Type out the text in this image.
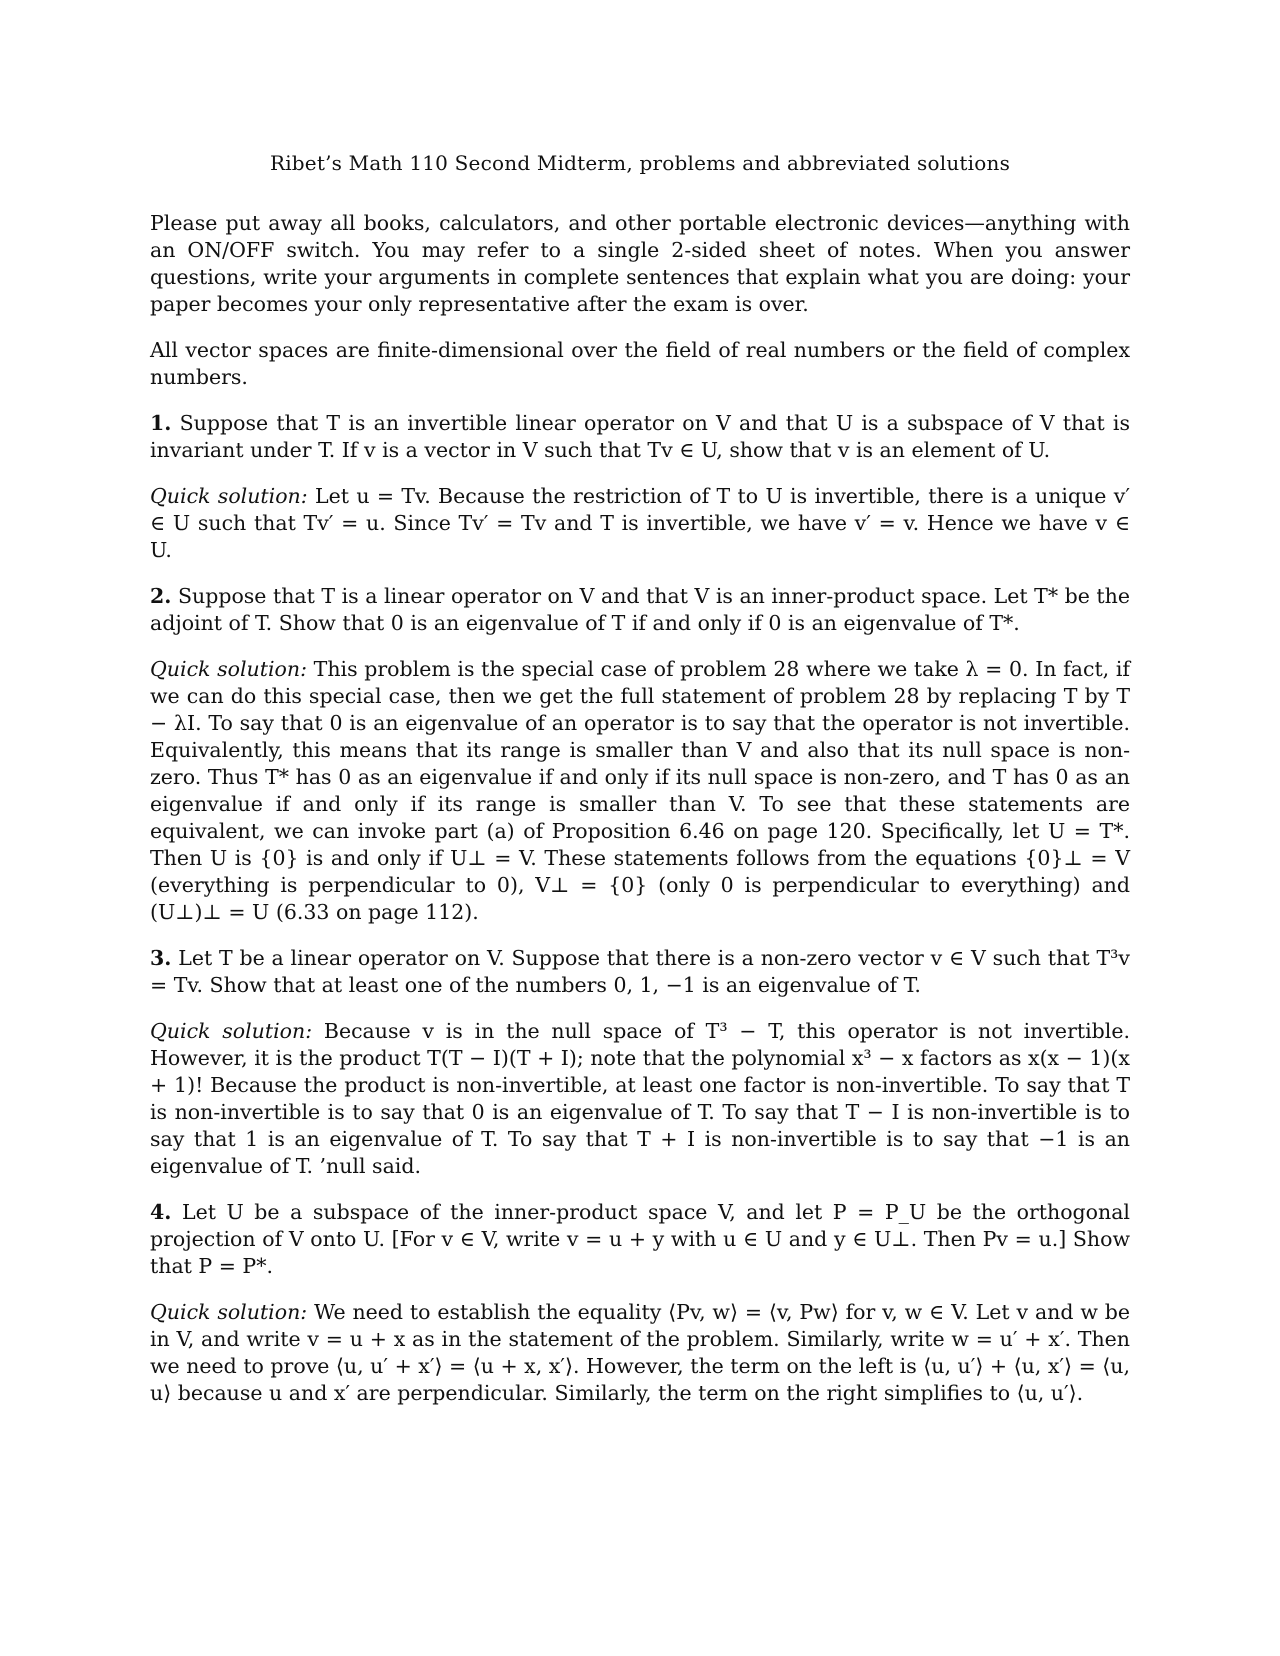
Ribet’s Math 110 Second Midterm, problems and abbreviated solutions

Please put away all books, calculators, and other portable electronic devices—anything with an ON/OFF switch. You may refer to a single 2-sided sheet of notes. When you answer questions, write your arguments in complete sentences that explain what you are doing: your paper becomes your only representative after the exam is over.

All vector spaces are finite-dimensional over the field of real numbers or the field of complex numbers.

1. Suppose that T is an invertible linear operator on V and that U is a subspace of V that is invariant under T. If v is a vector in V such that Tv ∈ U, show that v is an element of U.

Quick solution: Let u = Tv. Because the restriction of T to U is invertible, there is a unique v′ ∈ U such that Tv′ = u. Since Tv′ = Tv and T is invertible, we have v′ = v. Hence we have v ∈ U.

2. Suppose that T is a linear operator on V and that V is an inner-product space. Let T* be the adjoint of T. Show that 0 is an eigenvalue of T if and only if 0 is an eigenvalue of T*.

Quick solution: This problem is the special case of problem 28 where we take λ = 0. In fact, if we can do this special case, then we get the full statement of problem 28 by replacing T by T − λI. To say that 0 is an eigenvalue of an operator is to say that the operator is not invertible. Equivalently, this means that its range is smaller than V and also that its null space is non-zero. Thus T* has 0 as an eigenvalue if and only if its null space is non-zero, and T has 0 as an eigenvalue if and only if its range is smaller than V. To see that these statements are equivalent, we can invoke part (a) of Proposition 6.46 on page 120. Specifically, let U = T*. Then U is {0} is and only if U⊥ = V. These statements follows from the equations {0}⊥ = V (everything is perpendicular to 0), V⊥ = {0} (only 0 is perpendicular to everything) and (U⊥)⊥ = U (6.33 on page 112).

3. Let T be a linear operator on V. Suppose that there is a non-zero vector v ∈ V such that T³v = Tv. Show that at least one of the numbers 0, 1, −1 is an eigenvalue of T.

Quick solution: Because v is in the null space of T³ − T, this operator is not invertible. However, it is the product T(T − I)(T + I); note that the polynomial x³ − x factors as x(x − 1)(x + 1)! Because the product is non-invertible, at least one factor is non-invertible. To say that T is non-invertible is to say that 0 is an eigenvalue of T. To say that T − I is non-invertible is to say that 1 is an eigenvalue of T. To say that T + I is non-invertible is to say that −1 is an eigenvalue of T. ’null said.

4. Let U be a subspace of the inner-product space V, and let P = P_U be the orthogonal projection of V onto U. [For v ∈ V, write v = u + y with u ∈ U and y ∈ U⊥. Then Pv = u.] Show that P = P*.

Quick solution: We need to establish the equality ⟨Pv, w⟩ = ⟨v, Pw⟩ for v, w ∈ V. Let v and w be in V, and write v = u + x as in the statement of the problem. Similarly, write w = u′ + x′. Then we need to prove ⟨u, u′ + x′⟩ = ⟨u + x, x′⟩. However, the term on the left is ⟨u, u′⟩ + ⟨u, x′⟩ = ⟨u, u⟩ because u and x′ are perpendicular. Similarly, the term on the right simplifies to ⟨u, u′⟩.
